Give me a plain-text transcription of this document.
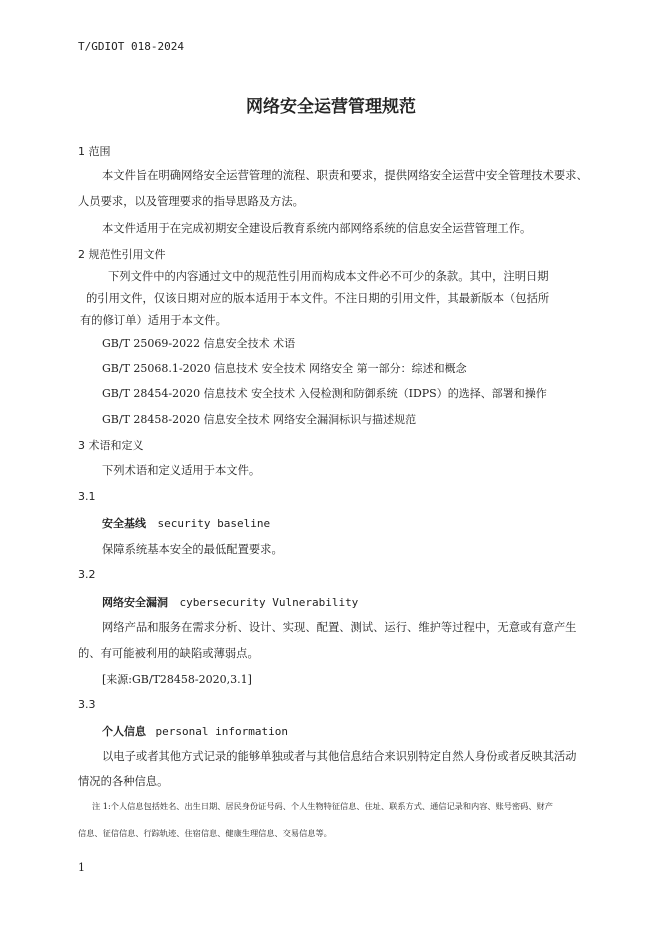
T/GDIOT 018-2024
网络安全运营管理规范
1 范围
本文件旨在明确网络安全运营管理的流程、职责和要求，提供网络安全运营中安全管理技术要求、
人员要求，以及管理要求的指导思路及方法。
本文件适用于在完成初期安全建设后教育系统内部网络系统的信息安全运营管理工作。
2 规范性引用文件
下列文件中的内容通过文中的规范性引用而构成本文件必不可少的条款。其中，注明日期
的引用文件，仅该日期对应的版本适用于本文件。不注日期的引用文件，其最新版本（包括所
有的修订单）适用于本文件。
GB/T 25069-2022 信息安全技术 术语
GB/T 25068.1-2020 信息技术 安全技术 网络安全 第一部分：综述和概念
GB/T 28454-2020 信息技术 安全技术 入侵检测和防御系统（IDPS）的选择、部署和操作
GB/T 28458-2020 信息安全技术 网络安全漏洞标识与描述规范
3 术语和定义
下列术语和定义适用于本文件。
3.1
安全基线 security baseline
保障系统基本安全的最低配置要求。
3.2
网络安全漏洞 cybersecurity Vulnerability
网络产品和服务在需求分析、设计、实现、配置、测试、运行、维护等过程中，无意或有意产生
的、有可能被利用的缺陷或薄弱点。
[来源:GB/T28458-2020,3.1]
3.3
个人信息 personal information
以电子或者其他方式记录的能够单独或者与其他信息结合来识别特定自然人身份或者反映其活动
情况的各种信息。
注 1:个人信息包括姓名、出生日期、居民身份证号码、个人生物特征信息、住址、联系方式、通信记录和内容、账号密码、财产
信息、征信信息、行踪轨迹、住宿信息、健康生理信息、交易信息等。
1
